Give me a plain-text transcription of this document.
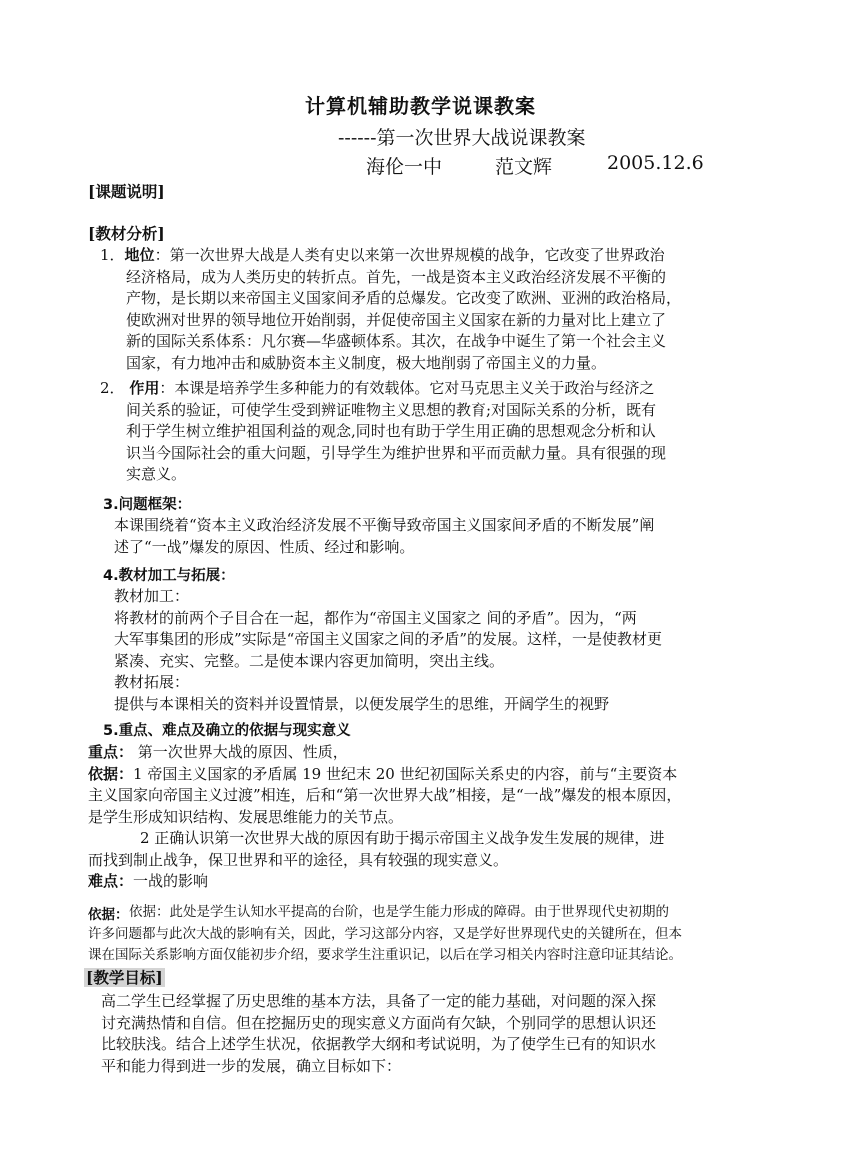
计算机辅助教学说课教案
------第一次世界大战说课教案
海伦一中	范文辉	2005.12.6
[课题说明]
[教材分析]

1．地位：第一次世界大战是人类有史以来第一次世界规模的战争，它改变了世界政治

经济格局，成为人类历史的转折点。首先，一战是资本主义政治经济发展不平衡的

产物，是长期以来帝国主义国家间矛盾的总爆发。它改变了欧洲、亚洲的政治格局，

使欧洲对世界的领导地位开始削弱，并促使帝国主义国家在新的力量对比上建立了

新的国际关系体系：凡尔赛—华盛顿体系。其次，在战争中诞生了第一个社会主义

国家，有力地冲击和威胁资本主义制度，极大地削弱了帝国主义的力量。

2． 作用：本课是培养学生多种能力的有效载体。它对马克思主义关于政治与经济之

间关系的验证，可使学生受到辨证唯物主义思想的教育;对国际关系的分析，既有

利于学生树立维护祖国利益的观念,同时也有助于学生用正确的思想观念分析和认

识当今国际社会的重大问题，引导学生为维护世界和平而贡献力量。具有很强的现

实意义。

3.问题框架：

本课围绕着“资本主义政治经济发展不平衡导致帝国主义国家间矛盾的不断发展”阐

述了“一战”爆发的原因、性质、经过和影响。

4.教材加工与拓展：

教材加工：

将教材的前两个子目合在一起，都作为“帝国主义国家之 间的矛盾”。因为，“两

大军事集团的形成”实际是“帝国主义国家之间的矛盾”的发展。这样，一是使教材更

紧凑、充实、完整。二是使本课内容更加简明，突出主线。

教材拓展：

提供与本课相关的资料并设置情景，以便发展学生的思维，开阔学生的视野

5.重点、难点及确立的依据与现实意义

重点： 第一次世界大战的原因、性质，

依据：1 帝国主义国家的矛盾属 19 世纪末 20 世纪初国际关系史的内容，前与“主要资本

主义国家向帝国主义过渡”相连，后和“第一次世界大战”相接，是“一战”爆发的根本原因，

是学生形成知识结构、发展思维能力的关节点。

2 正确认识第一次世界大战的原因有助于揭示帝国主义战争发生发展的规律，进

而找到制止战争，保卫世界和平的途径，具有较强的现实意义。

难点：一战的影响

依据： 依据：此处是学生认知水平提高的台阶，也是学生能力形成的障碍。由于世界现代史初期的

许多问题都与此次大战的影响有关，因此，学习这部分内容，又是学好世界现代史的关键所在，但本

课在国际关系影响方面仅能初步介绍，要求学生注重识记，以后在学习相关内容时注意印证其结论。

[教学目标]

高二学生已经掌握了历史思维的基本方法，具备了一定的能力基础，对问题的深入探

讨充满热情和自信。但在挖掘历史的现实意义方面尚有欠缺，个别同学的思想认识还

比较肤浅。结合上述学生状况，依据教学大纲和考试说明，为了使学生已有的知识水

平和能力得到进一步的发展，确立目标如下：
